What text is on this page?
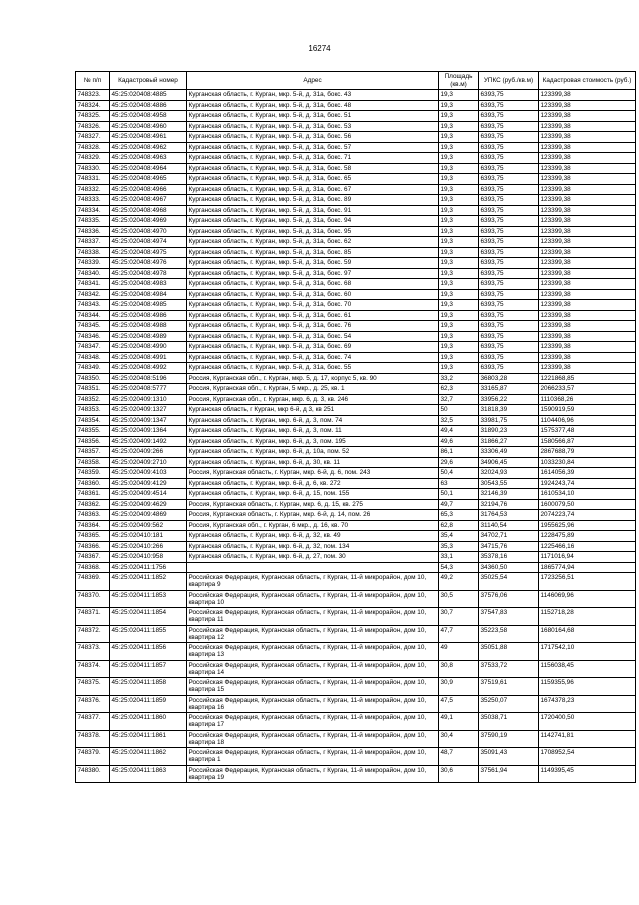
16274
№ п/п	Кадастровый номер	Адрес	Площадь (кв.м)	УПКС (руб./кв.м)	Кадастровая стоимость (руб.)
748323.	45:25:020408:4885	Курганская область, г. Курган, мкр. 5-й, д. 31а, бокс. 43	19,3	6393,75	123399,38
748324.	45:25:020408:4886	Курганская область, г. Курган, мкр. 5-й, д. 31а, бокс. 48	19,3	6393,75	123399,38
748325.	45:25:020408:4958	Курганская область, г. Курган, мкр. 5-й, д. 31а, бокс. 51	19,3	6393,75	123399,38
748326.	45:25:020408:4960	Курганская область, г. Курган, мкр. 5-й, д. 31а, бокс. 53	19,3	6393,75	123399,38
748327.	45:25:020408:4961	Курганская область, г. Курган, мкр. 5-й, д. 31а, бокс. 56	19,3	6393,75	123399,38
748328.	45:25:020408:4962	Курганская область, г. Курган, мкр. 5-й, д. 31а, бокс. 57	19,3	6393,75	123399,38
748329.	45:25:020408:4963	Курганская область, г. Курган, мкр. 5-й, д. 31а, бокс. 71	19,3	6393,75	123399,38
748330.	45:25:020408:4964	Курганская область, г. Курган, мкр. 5-й, д. 31а, бокс. 58	19,3	6393,75	123399,38
748331.	45:25:020408:4965	Курганская область, г. Курган, мкр. 5-й, д. 31а, бокс. 65	19,3	6393,75	123399,38
748332.	45:25:020408:4966	Курганская область, г. Курган, мкр. 5-й, д. 31а, бокс. 67	19,3	6393,75	123399,38
748333.	45:25:020408:4967	Курганская область, г. Курган, мкр. 5-й, д. 31а, бокс. 89	19,3	6393,75	123399,38
748334.	45:25:020408:4968	Курганская область, г. Курган, мкр. 5-й, д. 31а, бокс. 91	19,3	6393,75	123399,38
748335.	45:25:020408:4969	Курганская область, г. Курган, мкр. 5-й, д. 31а, бокс. 94	19,3	6393,75	123399,38
748336.	45:25:020408:4970	Курганская область, г. Курган, мкр. 5-й, д. 31а, бокс. 95	19,3	6393,75	123399,38
748337.	45:25:020408:4974	Курганская область, г. Курган, мкр. 5-й, д. 31а, бокс. 62	19,3	6393,75	123399,38
748338.	45:25:020408:4975	Курганская область, г. Курган, мкр. 5-й, д. 31а, бокс. 85	19,3	6393,75	123399,38
748339.	45:25:020408:4976	Курганская область, г. Курган, мкр. 5-й, д. 31а, бокс. 59	19,3	6393,75	123399,38
748340.	45:25:020408:4978	Курганская область, г. Курган, мкр. 5-й, д. 31а, бокс. 97	19,3	6393,75	123399,38
748341.	45:25:020408:4983	Курганская область, г. Курган, мкр. 5-й, д. 31а, бокс. 68	19,3	6393,75	123399,38
748342.	45:25:020408:4984	Курганская область, г. Курган, мкр. 5-й, д. 31а, бокс. 60	19,3	6393,75	123399,38
748343.	45:25:020408:4985	Курганская область, г. Курган, мкр. 5-й, д. 31а, бокс. 70	19,3	6393,75	123399,38
748344.	45:25:020408:4986	Курганская область, г. Курган, мкр. 5-й, д. 31а, бокс. 61	19,3	6393,75	123399,38
748345.	45:25:020408:4988	Курганская область, г. Курган, мкр. 5-й, д. 31а, бокс. 76	19,3	6393,75	123399,38
748346.	45:25:020408:4989	Курганская область, г. Курган, мкр. 5-й, д. 31а, бокс. 54	19,3	6393,75	123399,38
748347.	45:25:020408:4990	Курганская область, г. Курган, мкр. 5-й, д. 31а, бокс. 69	19,3	6393,75	123399,38
748348.	45:25:020408:4991	Курганская область, г. Курган, мкр. 5-й, д. 31а, бокс. 74	19,3	6393,75	123399,38
748349.	45:25:020408:4992	Курганская область, г. Курган, мкр. 5-й, д. 31а, бокс. 55	19,3	6393,75	123399,38
748350.	45:25:020408:5196	Россия, Курганская обл., г. Курган, мкр. 5, д. 17, корпус 5, кв. 90	33,2	36803,28	1221868,85
748351.	45:25:020408:5777	Россия, Курганская обл., г. Курган, 5 мкр., д. 25, кв. 1	62,3	33165,87	2066233,57
748352.	45:25:020409:1310	Россия, Курганская обл., г. Курган, мкр. 6, д. 3, кв. 246	32,7	33956,22	1110368,26
748353.	45:25:020409:1327	Курганская область, г Курган, мкр 6-й, д 3, кв 251	50	31818,39	1590919,59
748354.	45:25:020409:1347	Курганская область, г. Курган, мкр. 6-й, д. 3, пом. 74	32,5	33981,75	1104406,96
748355.	45:25:020409:1364	Курганская область, г. Курган, мкр. 6-й, д. 3, пом. 11	49,4	31890,23	1575377,48
748356.	45:25:020409:1492	Курганская область, г. Курган, мкр. 6-й, д. 3, пом. 195	49,6	31866,27	1580566,87
748357.	45:25:020409:266	Курганская область, г. Курган, мкр. 6-й, д. 10а, пом. 52	86,1	33306,49	2867688,79
748358.	45:25:020409:2710	Курганская область, г. Курган, мкр. 6-й, д. 30, кв. 11	29,6	34906,45	1033230,84
748359.	45:25:020409:4103	Россия, Курганская область, г. Курган, мкр. 6-й, д. 6, пом. 243	50,4	32024,93	1614056,39
748360.	45:25:020409:4129	Курганская область, г. Курган, мкр. 6-й, д. 6, кв. 272	63	30543,55	1924243,74
748361.	45:25:020409:4514	Курганская область, г. Курган, мкр. 6-й, д. 15, пом. 155	50,1	32146,39	1610534,10
748362.	45:25:020409:4629	Россия, Курганская область, г. Курган, мкр. 6, д. 15, кв. 275	49,7	32194,76	1600079,50
748363.	45:25:020409:4869	Россия, Курганская область, г. Курган, мкр. 6-й, д. 14, пом. 26	65,3	31764,53	2074223,74
748364.	45:25:020409:562	Россия, Курганская обл., г. Курган, 6 мкр., д. 16, кв. 70	62,8	31140,54	1955625,96
748365.	45:25:020410:181	Курганская область, г. Курган, мкр. 6-й, д. 32, кв. 49	35,4	34702,71	1228475,89
748366.	45:25:020410:266	Курганская область, г. Курган, мкр. 6-й, д. 32, пом. 134	35,3	34715,76	1225466,16
748367.	45:25:020410:958	Курганская область, г. Курган, мкр. 6-й, д. 27, пом. 30	33,1	35378,16	1171016,94
748368.	45:25:020411:1756		54,3	34360,50	1865774,94
748369.	45:25:020411:1852	Российская Федерация, Курганская область, г Курган, 11-й микрорайон, дом 10, квартира 9	49,2	35025,54	1723256,51
748370.	45:25:020411:1853	Российская Федерация, Курганская область, г Курган, 11-й микрорайон, дом 10, квартира 10	30,5	37576,06	1146069,96
748371.	45:25:020411:1854	Российская Федерация, Курганская область, г Курган, 11-й микрорайон, дом 10, квартира 11	30,7	37547,83	1152718,28
748372.	45:25:020411:1855	Российская Федерация, Курганская область, г Курган, 11-й микрорайон, дом 10, квартира 12	47,7	35223,58	1680164,68
748373.	45:25:020411:1856	Российская Федерация, Курганская область, г Курган, 11-й микрорайон, дом 10, квартира 13	49	35051,88	1717542,10
748374.	45:25:020411:1857	Российская Федерация, Курганская область, г Курган, 11-й микрорайон, дом 10, квартира 14	30,8	37533,72	1156038,45
748375.	45:25:020411:1858	Российская Федерация, Курганская область, г Курган, 11-й микрорайон, дом 10, квартира 15	30,9	37519,61	1159355,96
748376.	45:25:020411:1859	Российская Федерация, Курганская область, г Курган, 11-й микрорайон, дом 10, квартира 16	47,5	35250,07	1674378,23
748377.	45:25:020411:1860	Российская Федерация, Курганская область, г Курган, 11-й микрорайон, дом 10, квартира 17	49,1	35038,71	1720400,50
748378.	45:25:020411:1861	Российская Федерация, Курганская область, г Курган, 11-й микрорайон, дом 10, квартира 18	30,4	37590,19	1142741,81
748379.	45:25:020411:1862	Российская Федерация, Курганская область, г Курган, 11-й микрорайон, дом 10, квартира 1	48,7	35091,43	1708952,54
748380.	45:25:020411:1863	Российская Федерация, Курганская область, г Курган, 11-й микрорайон, дом 10, квартира 19	30,6	37561,94	1149395,45
